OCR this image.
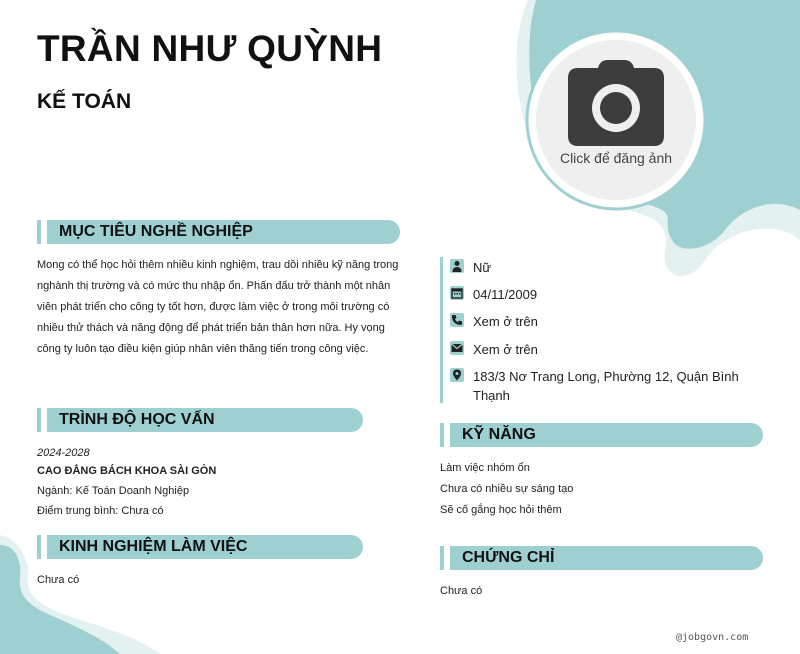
TRẦN NHƯ QUỲNH
KẾ TOÁN
Click để đăng ảnh
MỤC TIÊU NGHỀ NGHIỆP

Mong có thể học hỏi thêm nhiều kinh nghiệm, trau dồi nhiều kỹ năng trong nghành thị trường và có mức thu nhập ổn. Phấn đấu trở thành một nhân viên phát triển cho công ty tốt hơn, được làm việc ở trong môi trường có nhiều thử thách và năng động để phát triển bản thân hơn nữa. Hy vọng công ty luôn tạo điều kiện giúp nhân viên thăng tiến trong công việc.

TRÌNH ĐỘ HỌC VẤN
2024-2028
CAO ĐẲNG BÁCH KHOA SÀI GÒN
Ngành: Kế Toán Doanh Nghiệp
Điểm trung bình: Chưa có
KINH NGHIỆM LÀM VIỆC
Chưa có
Nữ
04/11/2009
Xem ở trên
Xem ở trên
183/3 Nơ Trang Long, Phường 12, Quận Bình Thạnh
KỸ NĂNG
Làm việc nhóm ổn
Chưa có nhiều sự sáng tạo
Sẽ cố gắng học hỏi thêm
CHỨNG CHỈ
Chưa có
@jobgovn.com
